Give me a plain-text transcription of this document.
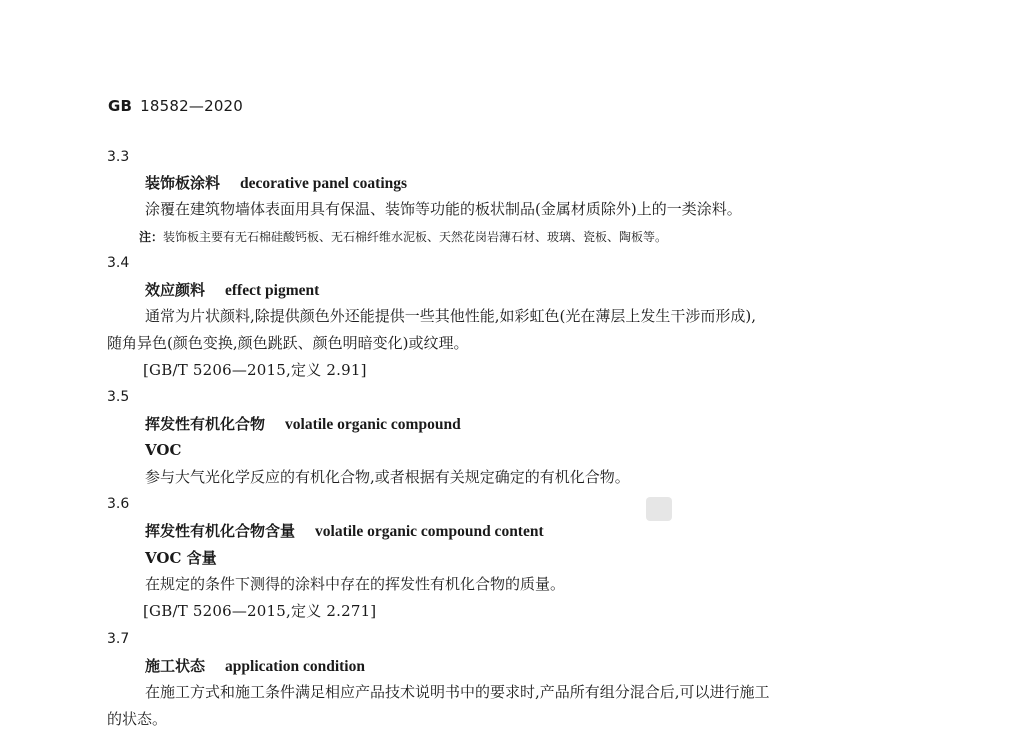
GB 18582—2020
3.3
装饰板涂料 decorative panel coatings
涂覆在建筑物墙体表面用具有保温、装饰等功能的板状制品(金属材质除外)上的一类涂料。
注：装饰板主要有无石棉硅酸钙板、无石棉纤维水泥板、天然花岗岩薄石材、玻璃、瓷板、陶板等。
3.4
效应颜料 effect pigment
通常为片状颜料,除提供颜色外还能提供一些其他性能,如彩虹色(光在薄层上发生干涉而形成),
随角异色(颜色变换,颜色跳跃、颜色明暗变化)或纹理。
[GB/T 5206—2015,定义 2.91]
3.5
挥发性有机化合物 volatile organic compound
VOC
参与大气光化学反应的有机化合物,或者根据有关规定确定的有机化合物。
3.6
挥发性有机化合物含量 volatile organic compound content
VOC 含量
在规定的条件下测得的涂料中存在的挥发性有机化合物的质量。
[GB/T 5206—2015,定义 2.271]
3.7
施工状态 application condition
在施工方式和施工条件满足相应产品技术说明书中的要求时,产品所有组分混合后,可以进行施工
的状态。
